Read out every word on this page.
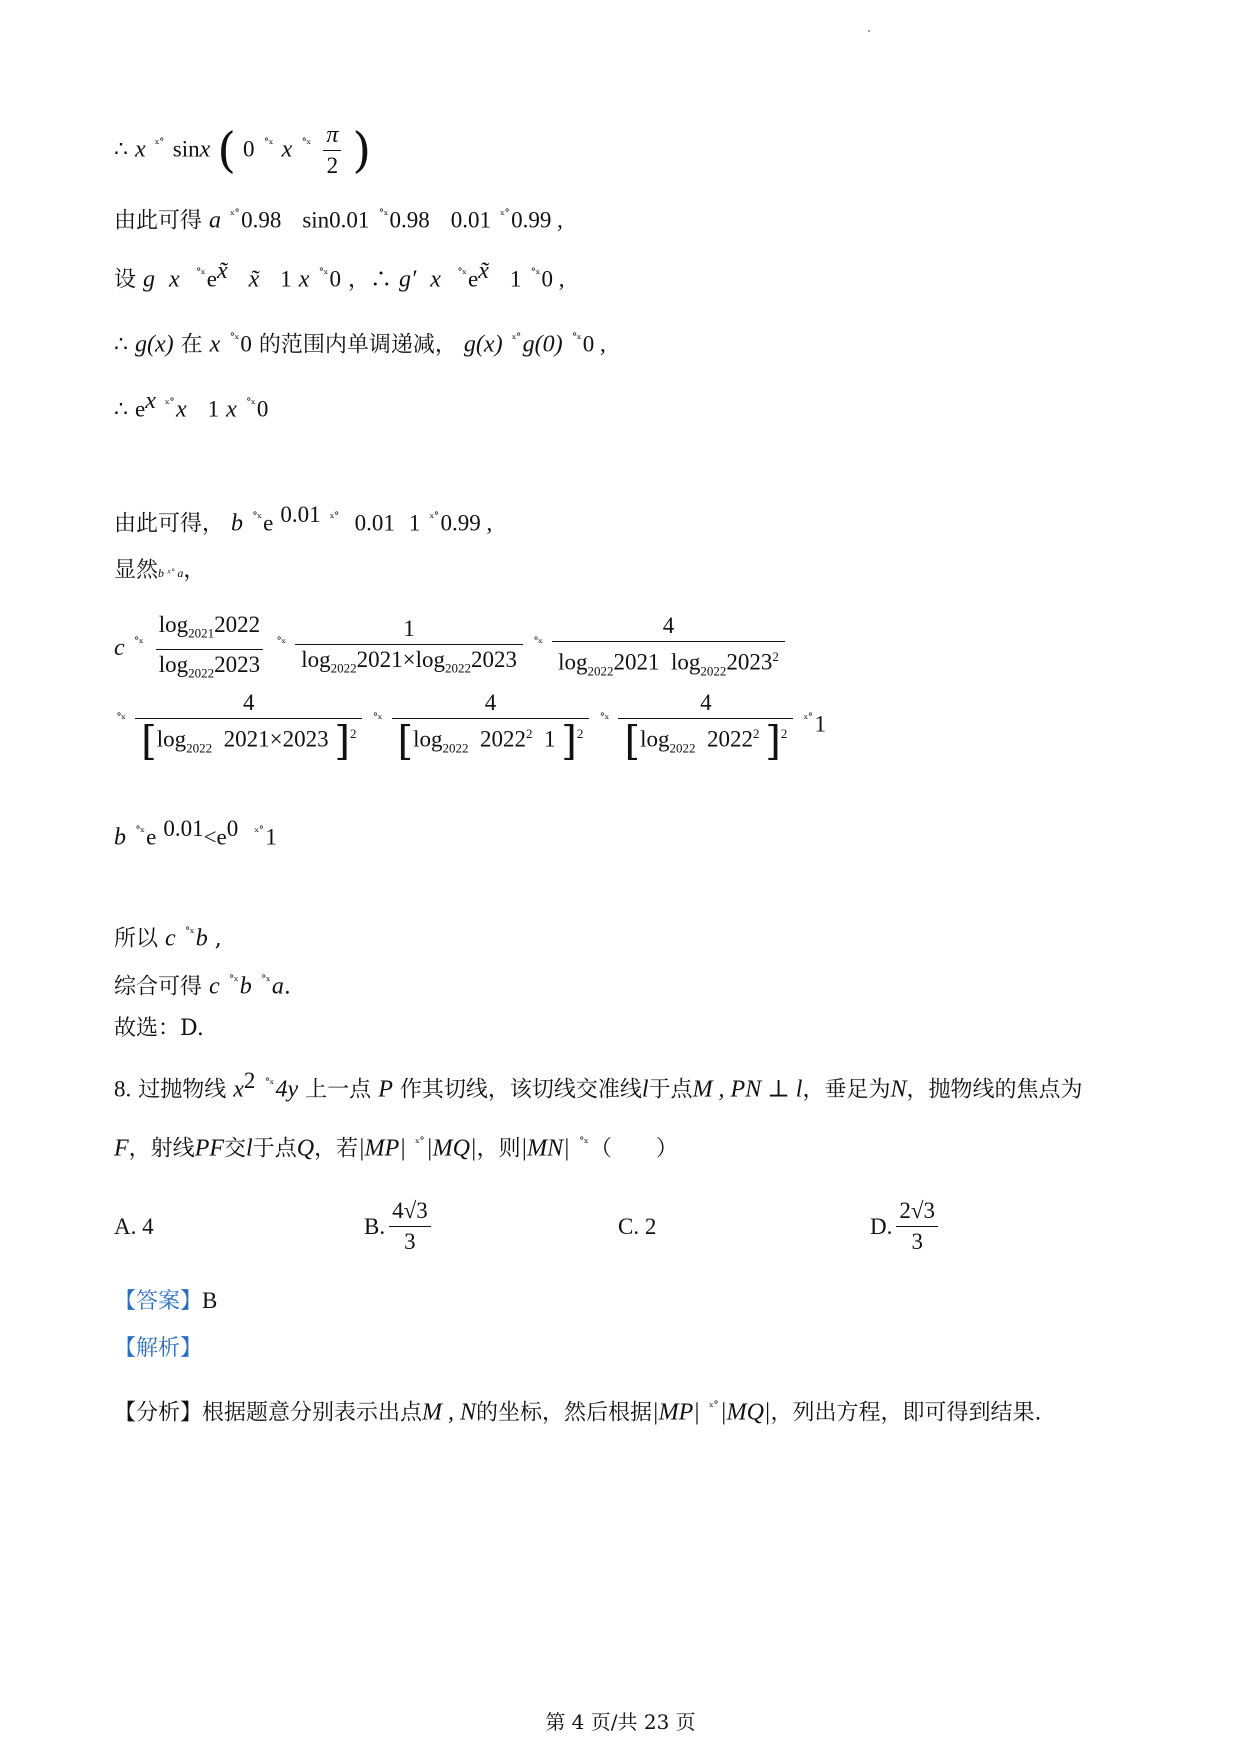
∴ x $^{ˣ˚}$ sinx ( 0 $^{˚ˣ}$ x $^{˚ˣ} \frac{\pi}{2}$ )
由此可得 a $^{ˣ˚}$0.98 sin0.01 $^{˚ˣ}$0.98 0.01 $^{ˣ˚}$0.99 ,
设 g x $^{˚ˣ}e^{x̃}$ x̃ 1 x $^{˚ˣ}$0 ，∴ g′ x $^{˚ˣ}e^{x̃}$ 1 $^{˚ˣ}$0 ,
∴ g(x) 在 x $^{˚ˣ}$0 的范围内单调递减， g(x) $^{ˣ˚}$g(0) $^{˚ˣ}$0 ,
∴ $e^x$ $^{ˣ˚}$x 1 x $^{˚ˣ}$0
由此可得， b $^{˚ˣ}$e $^{0.01}$ $^{ˣ˚}$ 0.01 1 $^{ˣ˚}$0.99 ,
显然b ˣ˚ a，
c $^{˚ˣ} \frac{\log_{2021}2022}{\log_{2022}2023} ^{˚ˣ} \frac{1}{\log_{2022}2021\times\log_{2022}2023} ^{˚ˣ} \frac{4}{\log_{2022}2021 \log_{2022}2023^2}$
$^{˚ˣ} \frac{4}{[\log_{2022} 2021\times 2023 ]^2} ^{˚ˣ} \frac{4}{[\log_{2022} 2022^2 1 ]^2} ^{˚ˣ} \frac{4}{[\log_{2022} 2022^2 ]^2} ^{ˣ˚}1$
b $^{˚ˣ}$e $^{0.01}<e^0$ $^{ˣ˚}$1
所以 c $^{˚ˣ}$b ,
综合可得 c $^{˚ˣ}$b $^{˚ˣ}$a.
故选：D.
8. 过抛物线 $x^2$ $^{˚ˣ}$4y 上一点 P 作其切线，该切线交准线l于点M , PN ⊥ l，垂足为N，抛物线的焦点为
F，射线PF交l于点Q，若|MP| $^{ˣ˚}$|MQ|，则|MN| $^{˚ˣ}$（　　）
A. 4	B. $\frac{4√3}{3}$	C. 2	D. $\frac{2√3}{3}$
【答案】B
【解析】
【分析】根据题意分别表示出点M , N的坐标，然后根据|MP| $^{ˣ˚}$|MQ|，列出方程，即可得到结果.
第 4 页/共 23 页
